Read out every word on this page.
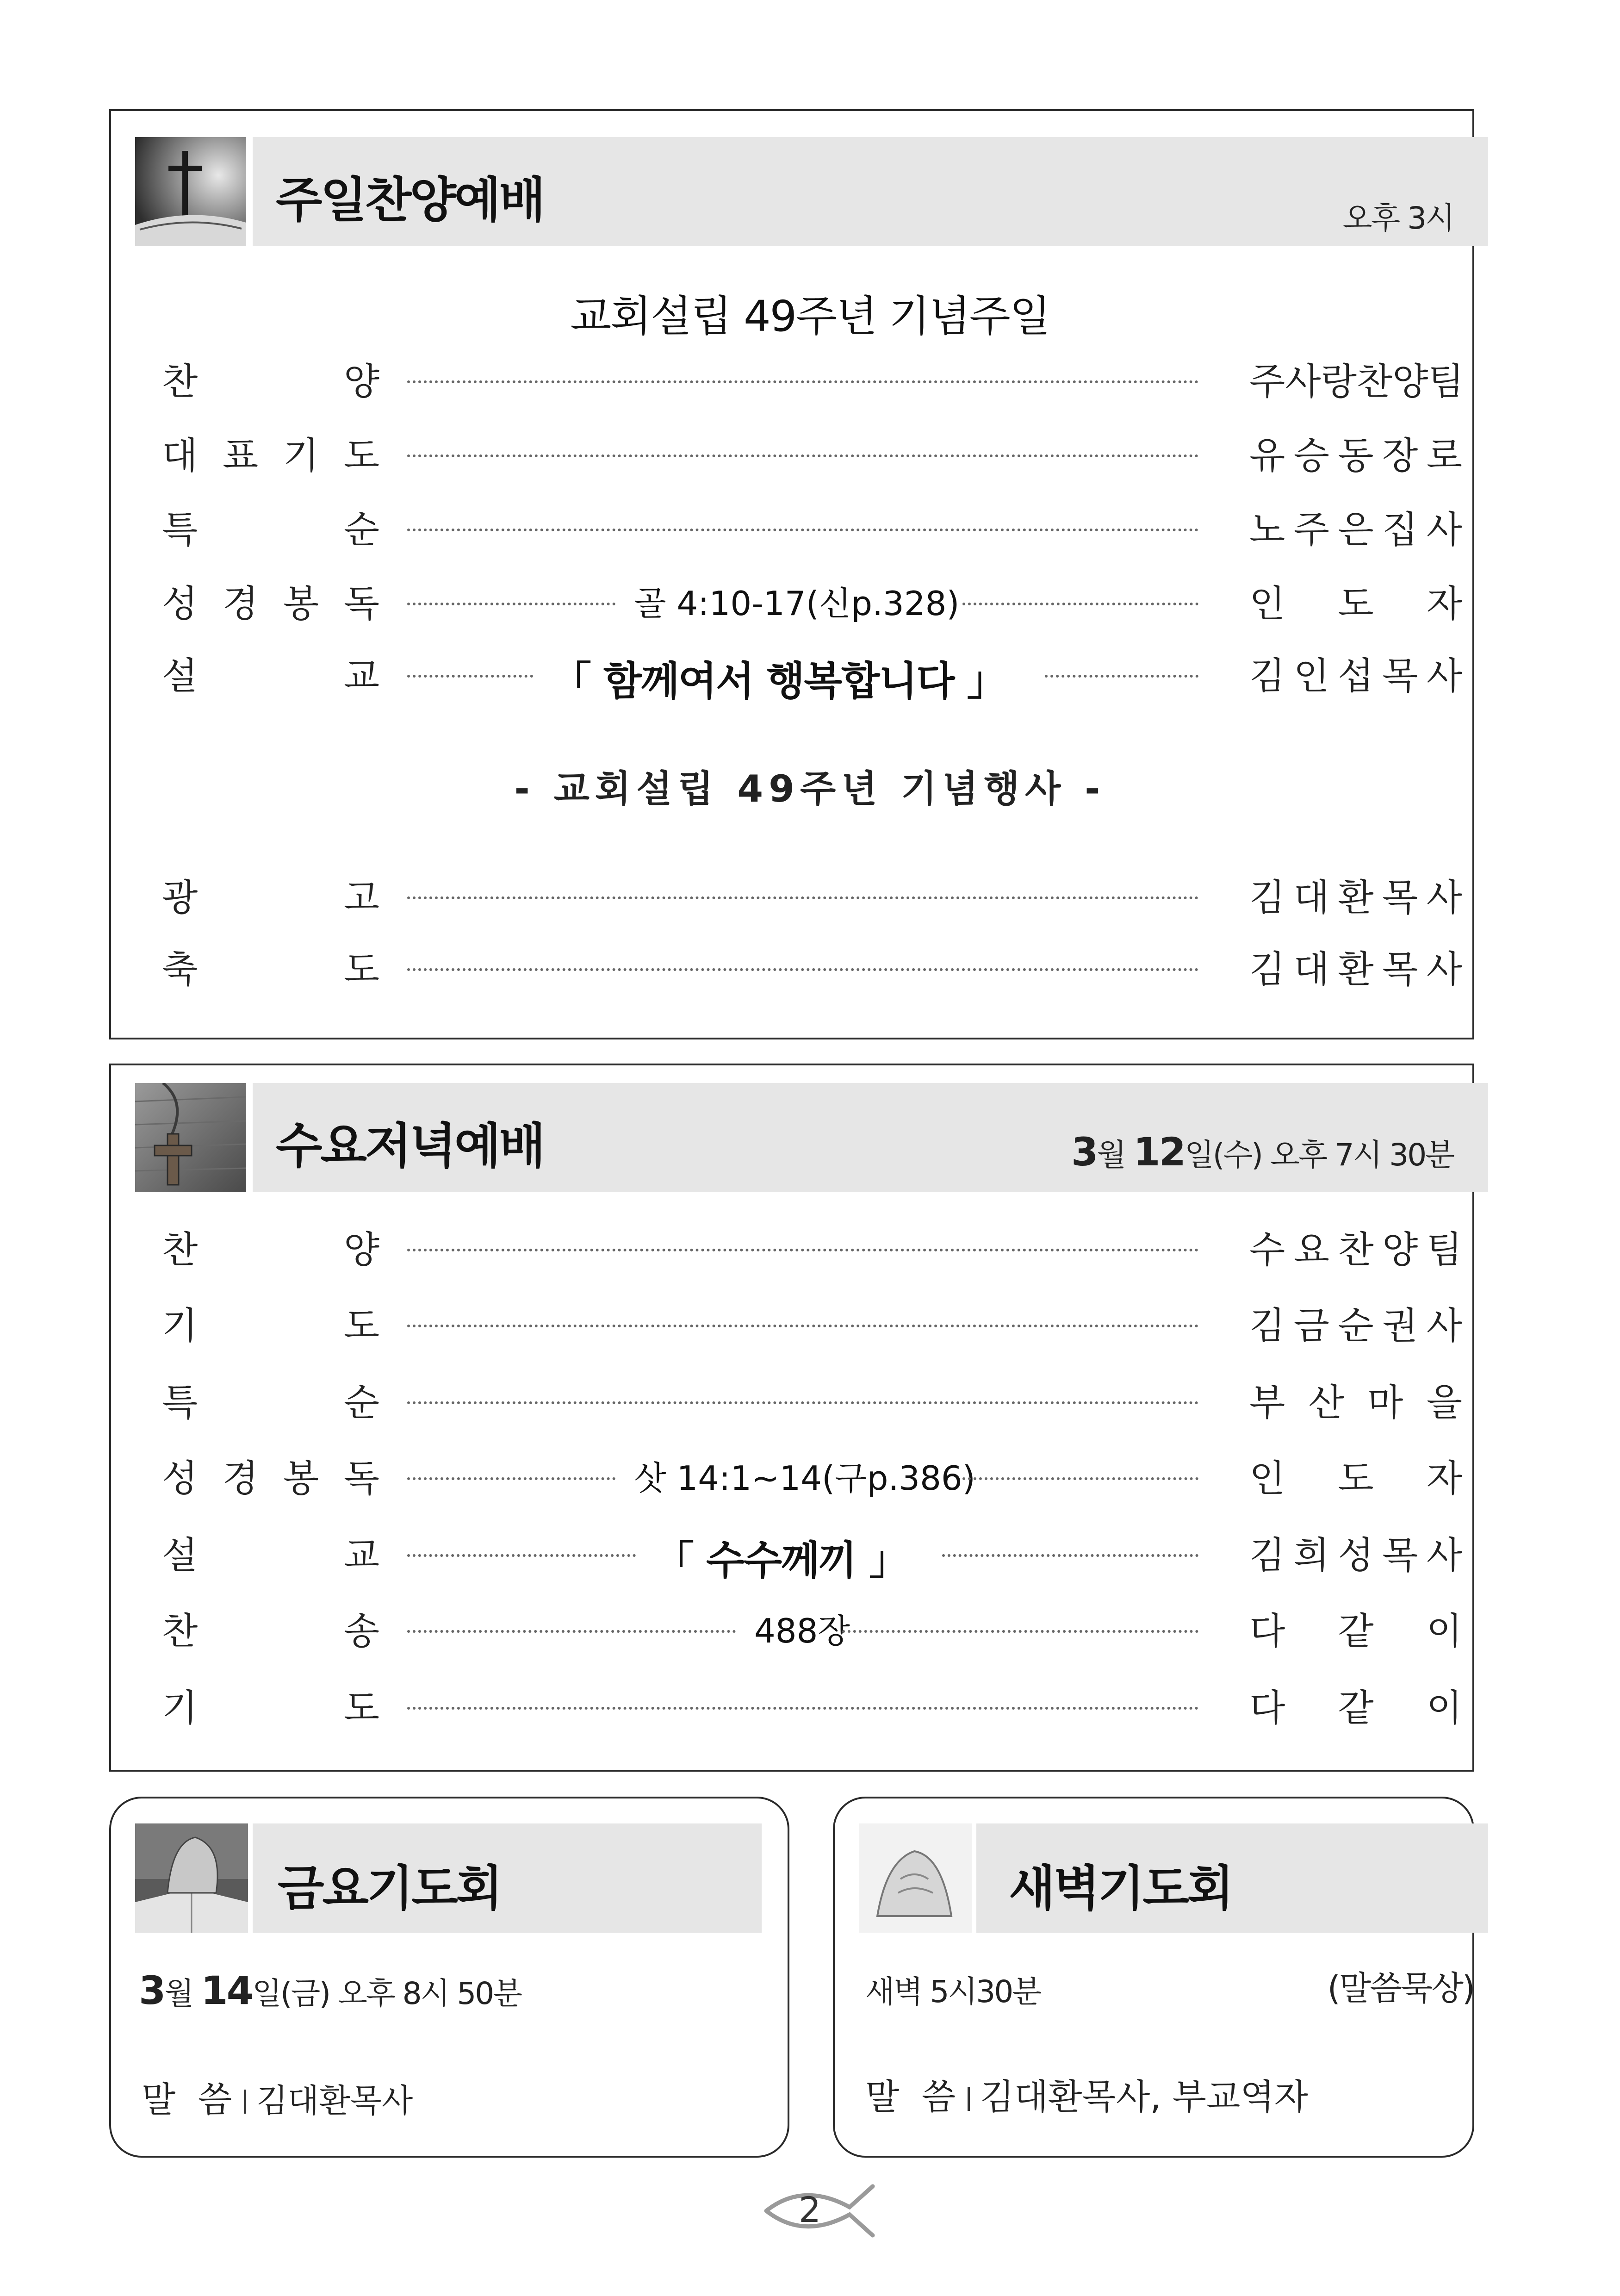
주일찬양예배	오후 3시
교회설립 49주년 기념주일
찬	양	주 사 랑 찬 양 팀
대 표 기 도	유 승 동 장 로
특	순	노 주 은 집 사
성 경 봉 독	골 4:10-17(신p.328)	인 도 자
설	교	「 함께여서 행복합니다 」	김 인 섭 목 사
- 교회설립 49주년 기념행사 -
광	고	김 대 환 목 사
축	도	김 대 환 목 사
수요저녁예배	3월 12일(수) 오후 7시 30분
찬	양	수 요 찬 양 팀
기	도	김 금 순 권 사
특	순	부 산 마 을
성 경 봉 독	삿 14:1~14(구p.386)	인 도 자
설	교	「 수수께끼 」	김 희 성 목 사
찬	송	488장	다 같 이
기	도	다 같 이
금요기도회
3월 14일(금) 오후 8시 50분
말  씀 김대환목사
새벽기도회
새벽 5시30분	(말씀묵상)
말  씀 김대환목사, 부교역자
2
